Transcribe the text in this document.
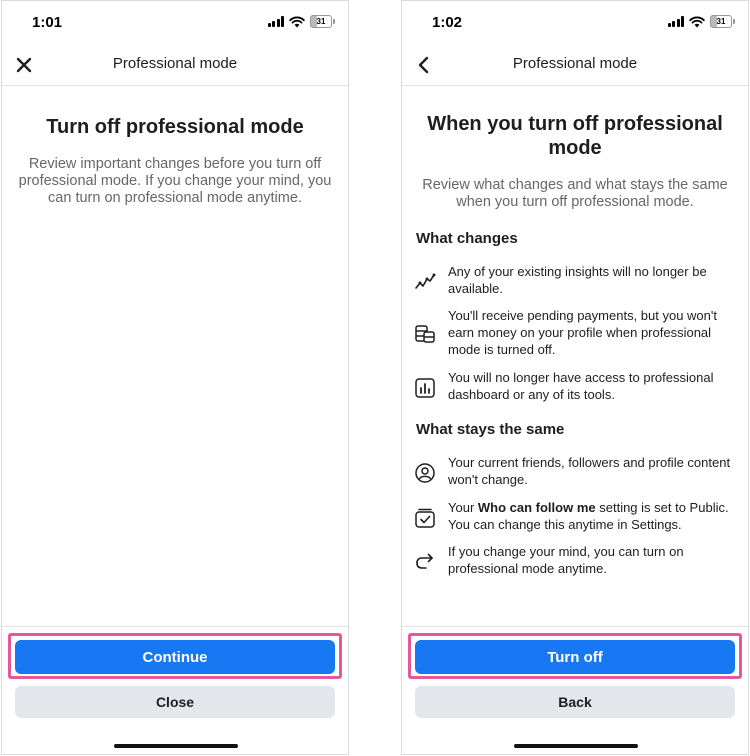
1:01	31
Professional mode
Turn off professional mode
Review important changes before you turn off professional mode. If you change your mind, you can turn on professional mode anytime.
Continue
Close
1:02	31
Professional mode
When you turn off professional mode
Review what changes and what stays the same when you turn off professional mode.
What changes
Any of your existing insights will no longer be available.
You'll receive pending payments, but you won't earn money on your profile when professional mode is turned off.
You will no longer have access to professional dashboard or any of its tools.
What stays the same
Your current friends, followers and profile content won't change.
Your Who can follow me setting is set to Public. You can change this anytime in Settings.
If you change your mind, you can turn on professional mode anytime.
Turn off
Back
